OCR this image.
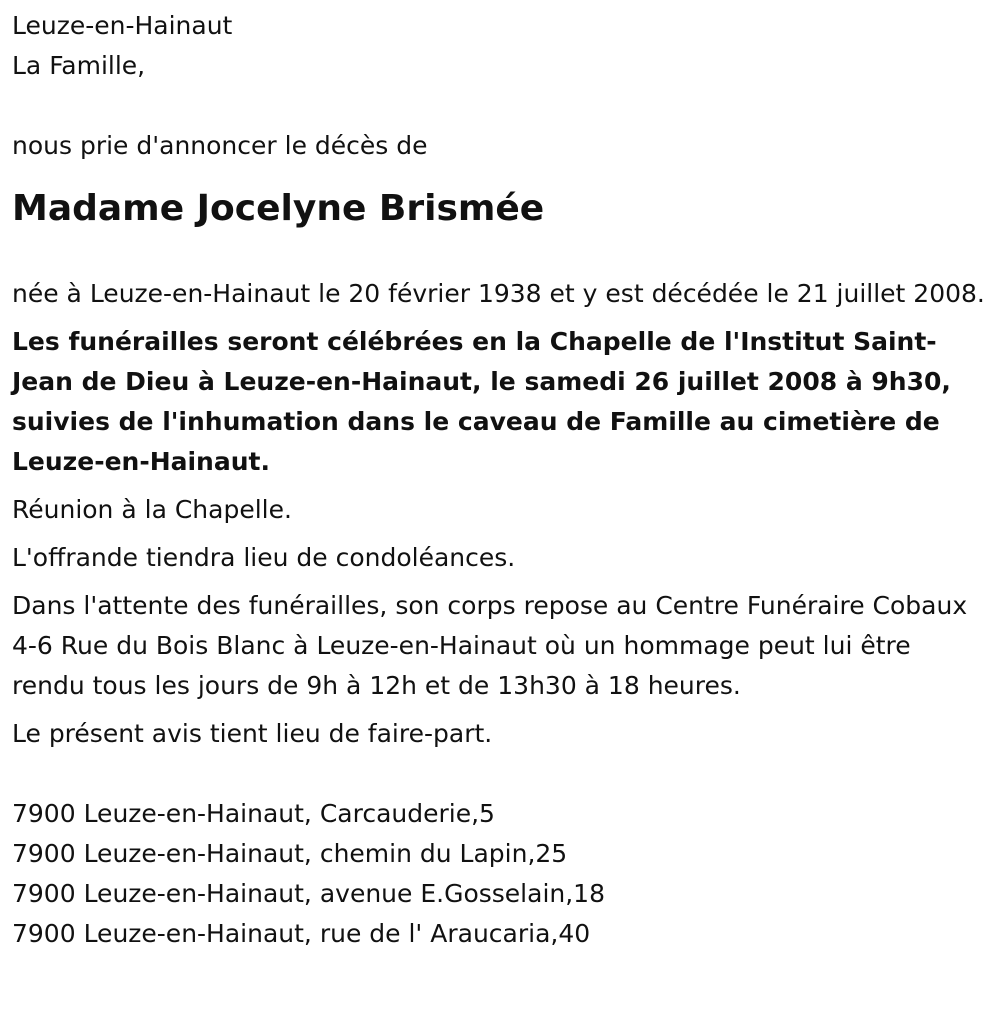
Leuze-en-Hainaut

La Famille,

nous prie d'annoncer le décès de

Madame Jocelyne Brismée

née à Leuze-en-Hainaut le 20 février 1938 et y est décédée le 21 juillet 2008.

Les funérailles seront célébrées en la Chapelle de l'Institut Saint-Jean de Dieu à Leuze-en-Hainaut, le samedi 26 juillet 2008 à 9h30, suivies de l'inhumation dans le caveau de Famille au cimetière de Leuze-en-Hainaut.

Réunion à la Chapelle.

L'offrande tiendra lieu de condoléances.

Dans l'attente des funérailles, son corps repose au Centre Funéraire Cobaux 4-6 Rue du Bois Blanc à Leuze-en-Hainaut où un hommage peut lui être rendu tous les jours de 9h à 12h et de 13h30 à 18 heures.

Le présent avis tient lieu de faire-part.

7900 Leuze-en-Hainaut, Carcauderie,5

7900 Leuze-en-Hainaut, chemin du Lapin,25

7900 Leuze-en-Hainaut, avenue E.Gosselain,18

7900 Leuze-en-Hainaut, rue de l' Araucaria,40
